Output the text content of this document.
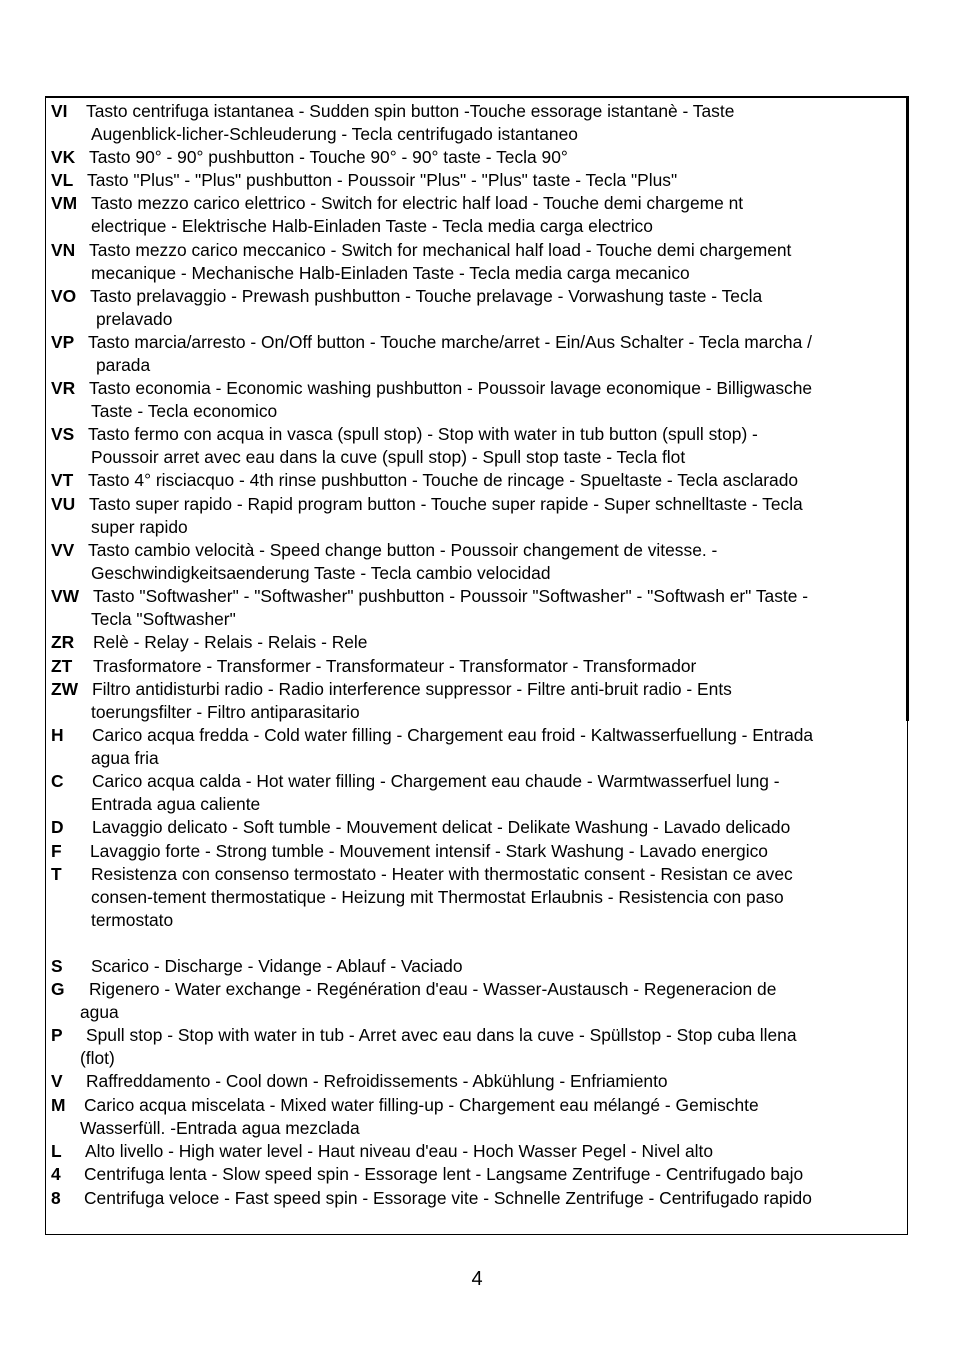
VI Tasto centrifuga istantanea - Sudden spin button -Touche essorage istantanè - Taste
Augenblick-licher-Schleuderung - Tecla centrifugado istantaneo
VK Tasto 90° - 90° pushbutton - Touche 90° - 90° taste - Tecla 90°
VL Tasto "Plus" - "Plus" pushbutton - Poussoir "Plus" - "Plus" taste - Tecla "Plus"
VM Tasto mezzo carico elettrico - Switch for electric half load - Touche demi chargeme nt
electrique - Elektrische Halb-Einladen Taste - Tecla media carga electrico
VN Tasto mezzo carico meccanico - Switch for mechanical half load - Touche demi chargement
mecanique - Mechanische Halb-Einladen Taste - Tecla media carga mecanico
VO Tasto prelavaggio - Prewash pushbutton - Touche prelavage - Vorwashung taste - Tecla
prelavado
VP Tasto marcia/arresto - On/Off button - Touche marche/arret - Ein/Aus Schalter - Tecla marcha /
parada
VR Tasto economia - Economic washing pushbutton - Poussoir lavage economique - Billigwasche
Taste - Tecla economico
VS Tasto fermo con acqua in vasca (spull stop) - Stop with water in tub button (spull stop) -
Poussoir arret avec eau dans la cuve (spull stop) - Spull stop taste - Tecla flot
VT Tasto 4° risciacquo - 4th rinse pushbutton - Touche de rincage - Spueltaste - Tecla asclarado
VU Tasto super rapido - Rapid program button - Touche super rapide - Super schnelltaste - Tecla
super rapido
VV Tasto cambio velocità - Speed change button - Poussoir changement de vitesse. -
Geschwindigkeitsaenderung Taste - Tecla cambio velocidad
VW Tasto "Softwasher" - "Softwasher" pushbutton - Poussoir "Softwasher" - "Softwash er" Taste -
Tecla "Softwasher"
ZR Relè - Relay - Relais - Relais - Rele
ZT Trasformatore - Transformer - Transformateur - Transformator - Transformador
ZW Filtro antidisturbi radio - Radio interference suppressor - Filtre anti-bruit radio - Ents
toerungsfilter - Filtro antiparasitario
H Carico acqua fredda - Cold water filling - Chargement eau froid - Kaltwasserfuellung - Entrada
agua fria
C Carico acqua calda - Hot water filling - Chargement eau chaude - Warmtwasserfuel lung -
Entrada agua caliente
D Lavaggio delicato - Soft tumble - Mouvement delicat - Delikate Washung - Lavado delicado
F Lavaggio forte - Strong tumble - Mouvement intensif - Stark Washung - Lavado energico
T Resistenza con consenso termostato - Heater with thermostatic consent - Resistan ce avec
consen-tement thermostatique - Heizung mit Thermostat Erlaubnis - Resistencia con paso
termostato
S Scarico - Discharge - Vidange - Ablauf - Vaciado
G Rigenero - Water exchange - Regénération d'eau - Wasser-Austausch - Regeneracion de
agua
P Spull stop - Stop with water in tub - Arret avec eau dans la cuve - Spüllstop - Stop cuba llena
(flot)
V Raffreddamento - Cool down - Refroidissements - Abkühlung - Enfriamiento
M Carico acqua miscelata - Mixed water filling-up - Chargement eau mélangé - Gemischte
Wasserfüll. -Entrada agua mezclada
L Alto livello - High water level - Haut niveau d'eau - Hoch Wasser Pegel - Nivel alto
4 Centrifuga lenta - Slow speed spin - Essorage lent - Langsame Zentrifuge - Centrifugado bajo
8 Centrifuga veloce - Fast speed spin - Essorage vite - Schnelle Zentrifuge - Centrifugado rapido
4
